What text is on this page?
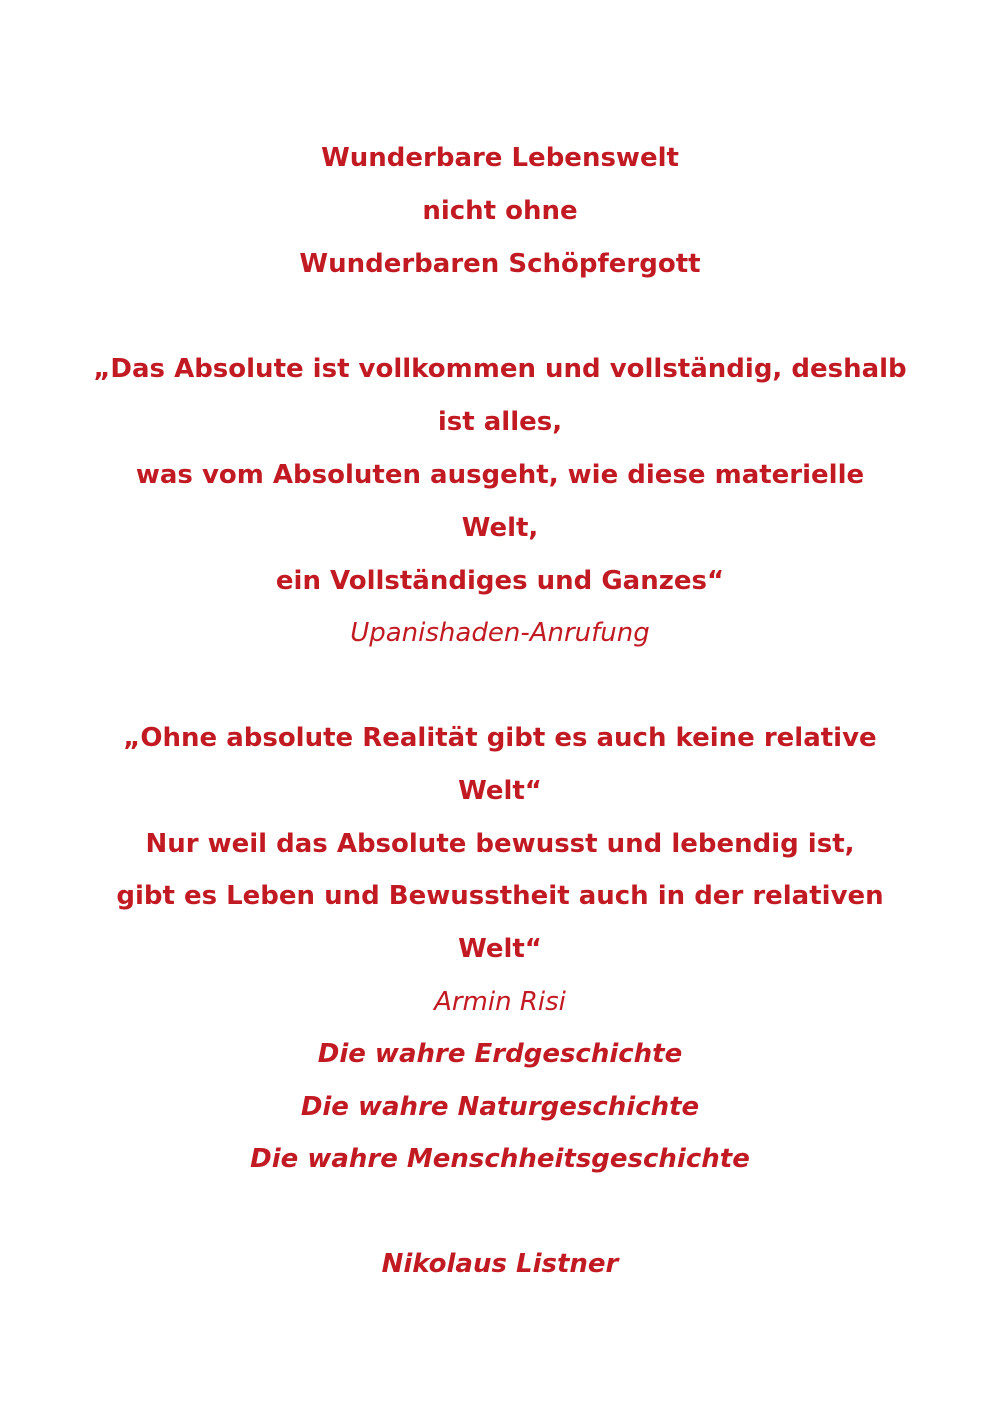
Wunderbare Lebenswelt
nicht ohne
Wunderbaren Schöpfergott
„Das Absolute ist vollkommen und vollständig, deshalb
ist alles,
was vom Absoluten ausgeht, wie diese materielle
Welt,
ein Vollständiges und Ganzes“
Upanishaden-Anrufung
„Ohne absolute Realität gibt es auch keine relative
Welt“
Nur weil das Absolute bewusst und lebendig ist,
gibt es Leben und Bewusstheit auch in der relativen
Welt“
Armin Risi
Die wahre Erdgeschichte
Die wahre Naturgeschichte
Die wahre Menschheitsgeschichte
Nikolaus Listner
